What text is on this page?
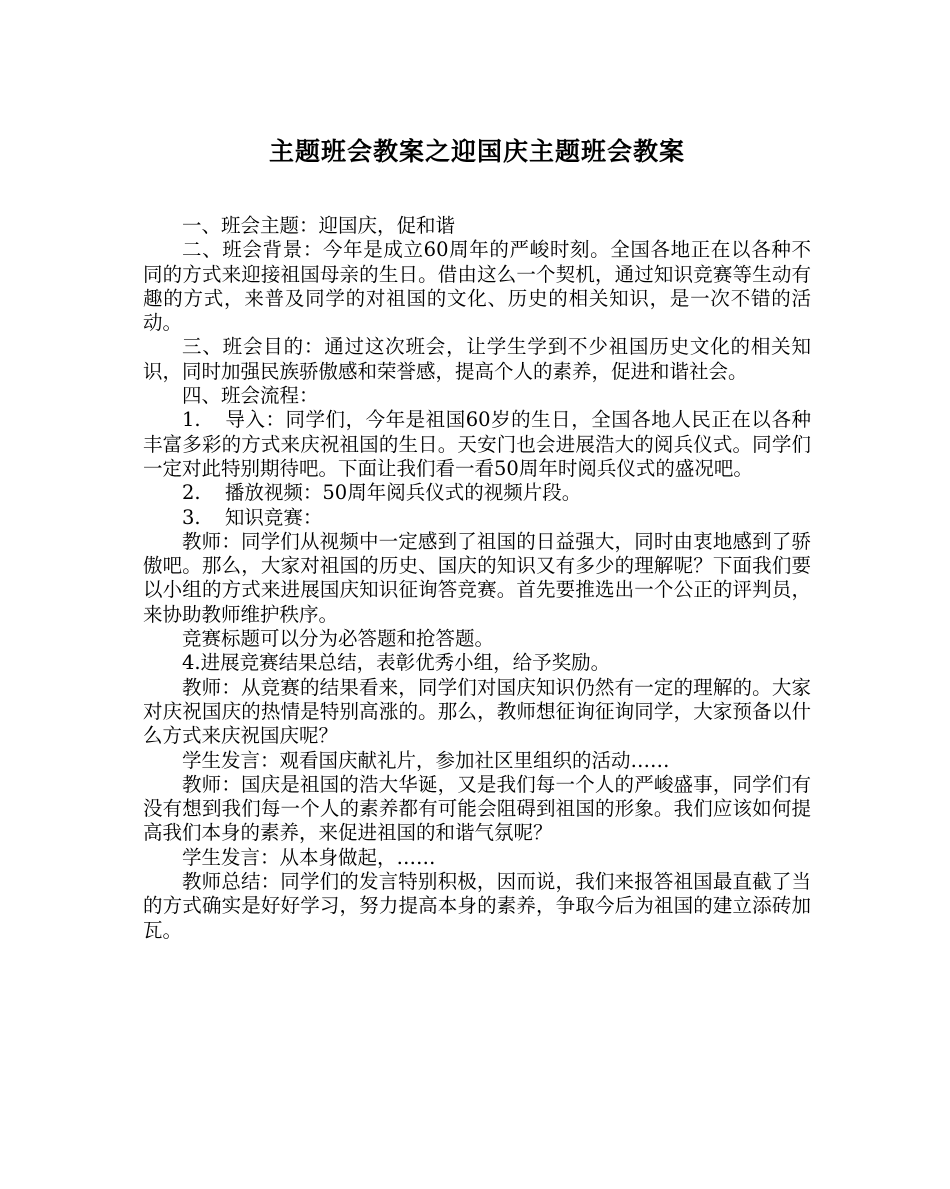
主题班会教案之迎国庆主题班会教案

一、班会主题：迎国庆，促和谐

二、班会背景：今年是成立60周年的严峻时刻。全国各地正在以各种不同的方式来迎接祖国母亲的生日。借由这么一个契机，通过知识竞赛等生动有趣的方式，来普及同学的对祖国的文化、历史的相关知识，是一次不错的活动。

三、班会目的：通过这次班会，让学生学到不少祖国历史文化的相关知识，同时加强民族骄傲感和荣誉感，提高个人的素养，促进和谐社会。

四、班会流程：

1. 导入：同学们，今年是祖国60岁的生日，全国各地人民正在以各种丰富多彩的方式来庆祝祖国的生日。天安门也会进展浩大的阅兵仪式。同学们一定对此特别期待吧。下面让我们看一看50周年时阅兵仪式的盛况吧。

2. 播放视频：50周年阅兵仪式的视频片段。

3. 知识竞赛：

教师：同学们从视频中一定感到了祖国的日益强大，同时由衷地感到了骄傲吧。那么，大家对祖国的历史、国庆的知识又有多少的理解呢？下面我们要以小组的方式来进展国庆知识征询答竞赛。首先要推选出一个公正的评判员，来协助教师维护秩序。

竞赛标题可以分为必答题和抢答题。

4.进展竞赛结果总结，表彰优秀小组，给予奖励。

教师：从竞赛的结果看来，同学们对国庆知识仍然有一定的理解的。大家对庆祝国庆的热情是特别高涨的。那么，教师想征询征询同学，大家预备以什么方式来庆祝国庆呢？

学生发言：观看国庆献礼片，参加社区里组织的活动……

教师：国庆是祖国的浩大华诞，又是我们每一个人的严峻盛事，同学们有没有想到我们每一个人的素养都有可能会阻碍到祖国的形象。我们应该如何提高我们本身的素养，来促进祖国的和谐气氛呢？

学生发言：从本身做起，……

教师总结：同学们的发言特别积极，因而说，我们来报答祖国最直截了当的方式确实是好好学习，努力提高本身的素养，争取今后为祖国的建立添砖加瓦。
